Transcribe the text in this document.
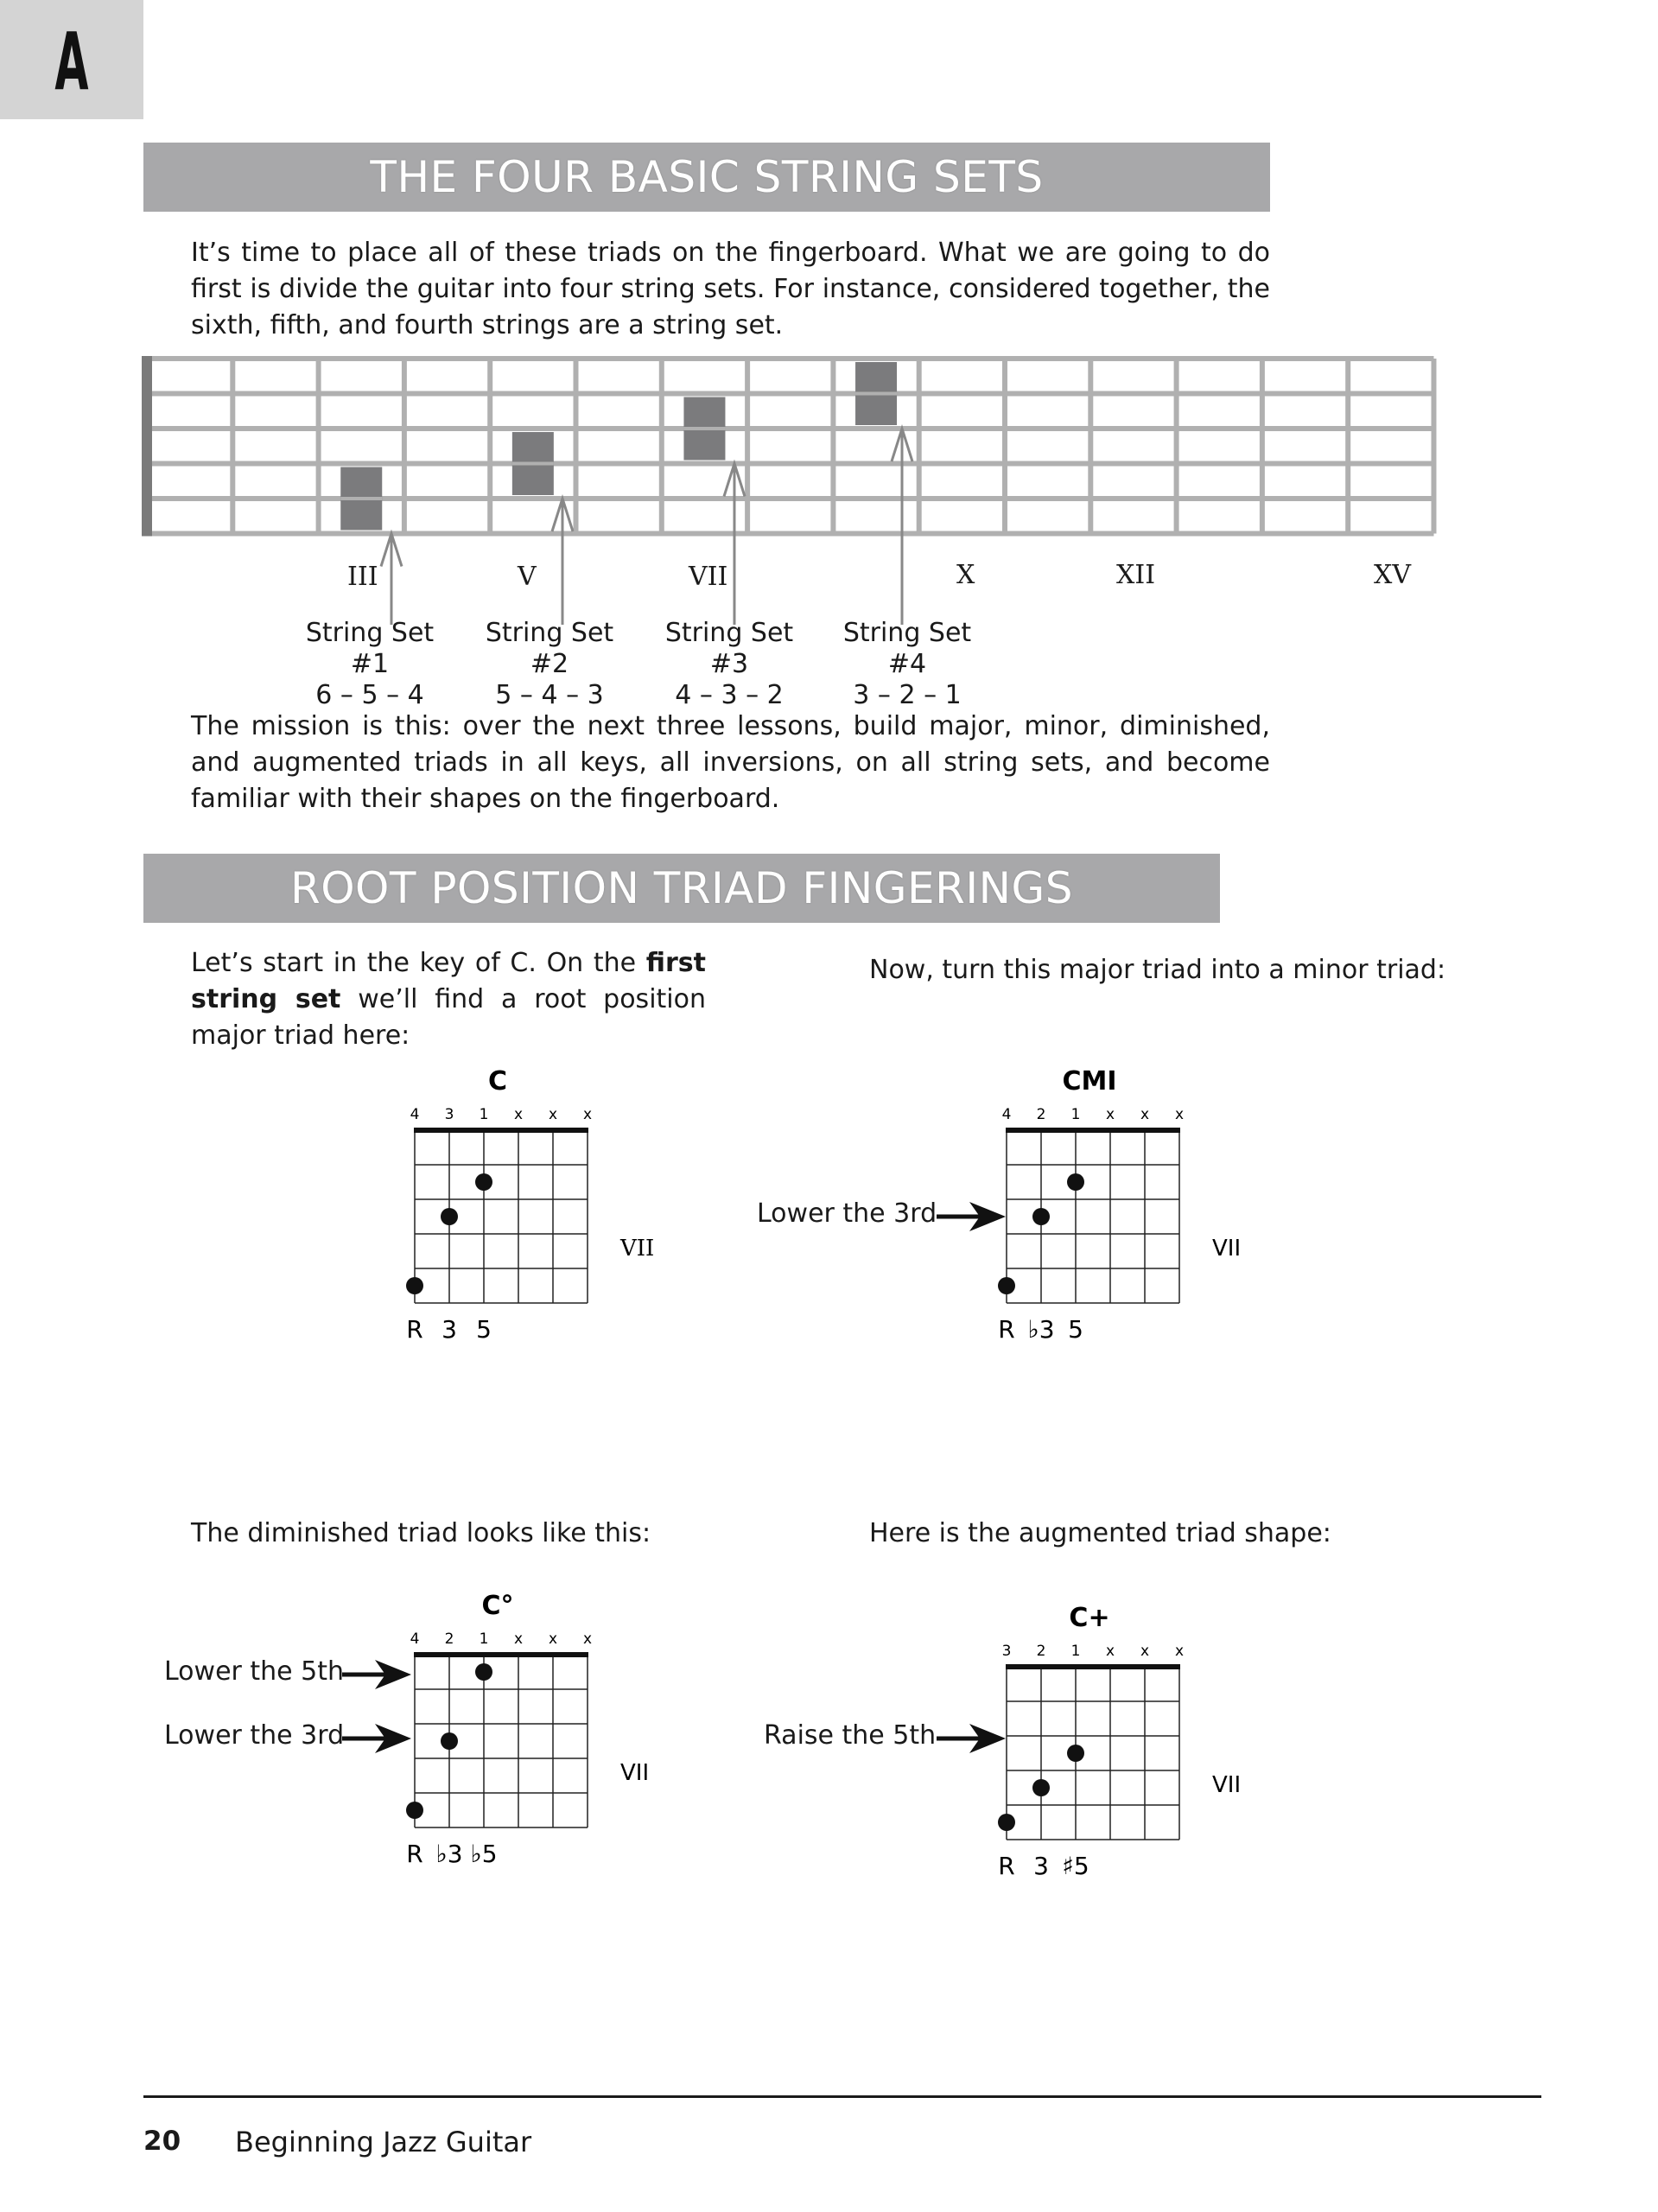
A
THE FOUR BASIC STRING SETS
It’s time to place all of these triads on the fingerboard. What we are going to do first is divide the guitar into four string sets. For instance, considered together, the sixth, fifth, and fourth strings are a string set.
III	V	VII	X	XII	XV
String Set #1
6 – 5 – 4
String Set #2
5 – 4 – 3
String Set #3
4 – 3 – 2
String Set #4
3 – 2 – 1
The mission is this: over the next three lessons, build major, minor, diminished, and augmented triads in all keys, all inversions, on all string sets, and become familiar with their shapes on the fingerboard.
ROOT POSITION TRIAD FINGERINGS
Let’s start in the key of C. On the first string set we’ll find a root position major triad here:
Now, turn this major triad into a minor triad:
The diminished triad looks like this:	Here is the augmented triad shape:
C
4 3 1 x x x
VII
R 3 5
CMI
4 2 1 x x x
VII
R ♭3 5
Lower the 3rd
C°
4 2 1 x x x
VII
R ♭3 ♭5
Lower the 5th
Lower the 3rd
C+
3 2 1 x x x
VII
R 3 ♯5
Raise the 5th
20 Beginning Jazz Guitar
